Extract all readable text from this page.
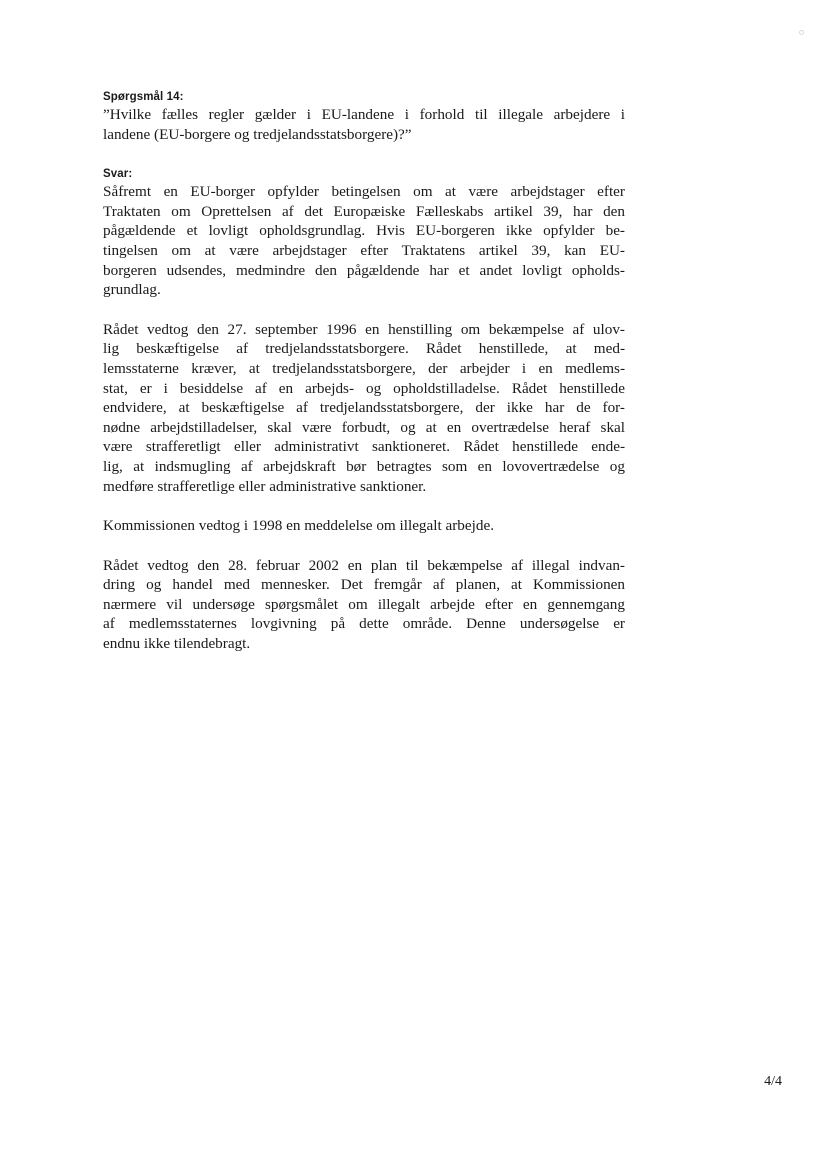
Spørgsmål 14:
”Hvilke fælles regler gælder i EU-landene i forhold til illegale arbejdere i
landene (EU-borgere og tredjelandsstatsborgere)?”
Svar:
Såfremt en EU-borger opfylder betingelsen om at være arbejdstager efter
Traktaten om Oprettelsen af det Europæiske Fælleskabs artikel 39, har den
pågældende et lovligt opholdsgrundlag. Hvis EU-borgeren ikke opfylder be-
tingelsen om at være arbejdstager efter Traktatens artikel 39, kan EU-
borgeren udsendes, medmindre den pågældende har et andet lovligt opholds-
grundlag.
Rådet vedtog den 27. september 1996 en henstilling om bekæmpelse af ulov-
lig beskæftigelse af tredjelandsstatsborgere. Rådet henstillede, at med-
lemsstaterne kræver, at tredjelandsstatsborgere, der arbejder i en medlems-
stat, er i besiddelse af en arbejds- og opholdstilladelse. Rådet henstillede
endvidere, at beskæftigelse af tredjelandsstatsborgere, der ikke har de for-
nødne arbejdstilladelser, skal være forbudt, og at en overtrædelse heraf skal
være strafferetligt eller administrativt sanktioneret. Rådet henstillede ende-
lig, at indsmugling af arbejdskraft bør betragtes som en lovovertrædelse og
medføre strafferetlige eller administrative sanktioner.
Kommissionen vedtog i 1998 en meddelelse om illegalt arbejde.
Rådet vedtog den 28. februar 2002 en plan til bekæmpelse af illegal indvan-
dring og handel med mennesker. Det fremgår af planen, at Kommissionen
nærmere vil undersøge spørgsmålet om illegalt arbejde efter en gennemgang
af medlemsstaternes lovgivning på dette område. Denne undersøgelse er
endnu ikke tilendebragt.
4/4
